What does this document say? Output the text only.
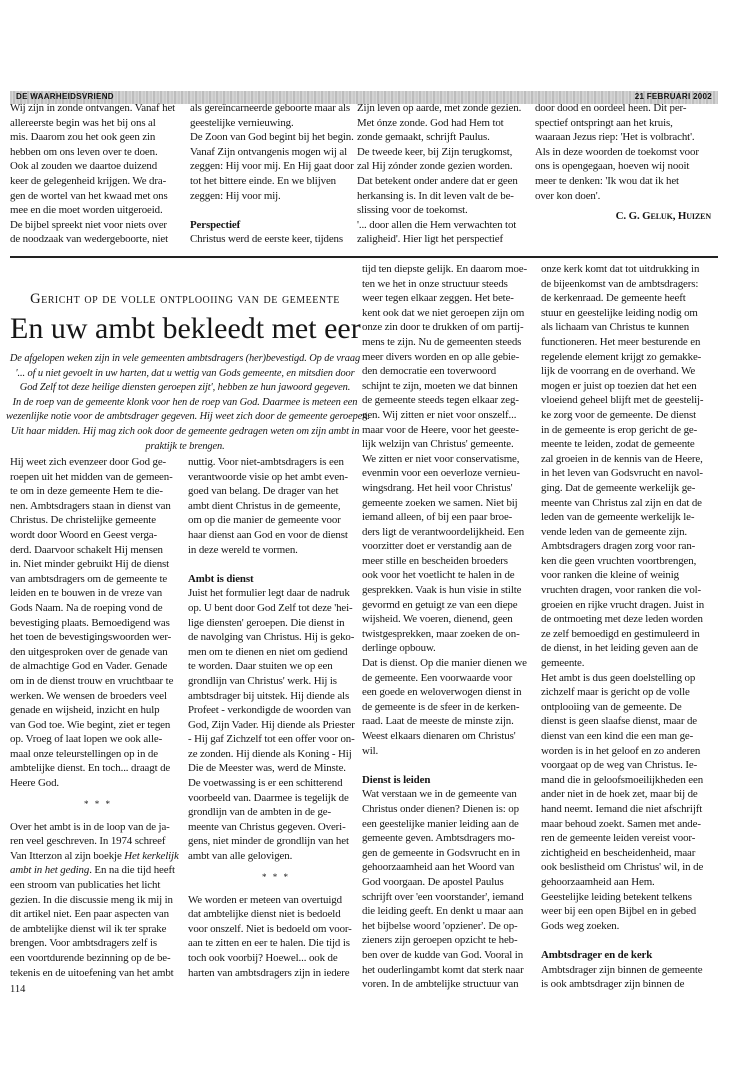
DE WAARHEIDSVRIEND	21 FEBRUARI 2002

Wij zijn in zonde ontvangen. Vanaf het
allereerste begin was het bij ons al
mis. Daarom zou het ook geen zin
hebben om ons leven over te doen.
Ook al zouden we daartoe duizend
keer de gelegenheid krijgen. We dra-
gen de wortel van het kwaad met ons
mee en die moet worden uitgeroeid.
De bijbel spreekt niet voor niets over
de noodzaak van wedergeboorte, niet

als gereïncarneerde geboorte maar als
geestelijke vernieuwing.
De Zoon van God begint bij het begin.
Vanaf Zijn ontvangenis mogen wij al
zeggen: Hij voor mij. En Hij gaat door
tot het bittere einde. En we blijven
zeggen: Hij voor mij.

Perspectief

Christus werd de eerste keer, tijdens

Zijn leven op aarde, met zonde gezien.
Met ónze zonde. God had Hem tot
zonde gemaakt, schrijft Paulus.
De tweede keer, bij Zijn terugkomst,
zal Hij zónder zonde gezien worden.
Dat betekent onder andere dat er geen
herkansing is. In dit leven valt de be-
slissing voor de toekomst.
'... door allen die Hem verwachten tot
zaligheid'. Hier ligt het perspectief

door dood en oordeel heen. Dit per-
spectief ontspringt aan het kruis,
waaraan Jezus riep: 'Het is volbracht'.
Als in deze woorden de toekomst voor
ons is opengegaan, hoeven wij nooit
meer te denken: 'Ik wou dat ik het
over kon doen'.

C. G. Geluk, Huizen
Gericht op de volle ontplooiing van de gemeente
En uw ambt bekleedt met eer
De afgelopen weken zijn in vele gemeenten ambtsdragers (her)bevestigd. Op de vraag
'... of u niet gevoelt in uw harten, dat u wettig van Gods gemeente, en mitsdien door
God Zelf tot deze heilige diensten geroepen zijt', hebben ze hun jawoord gegeven.
In de roep van de gemeente klonk voor hen de roep van God. Daarmee is meteen een
wezenlijke notie voor de ambtsdrager gegeven. Hij weet zich door de gemeente geroepen.
Uit haar midden. Hij mag zich ook door de gemeente gedragen weten om zijn ambt in
praktijk te brengen.

Hij weet zich evenzeer door God ge-
roepen uit het midden van de gemeen-
te om in deze gemeente Hem te die-
nen. Ambtsdragers staan in dienst van
Christus. De christelijke gemeente
wordt door Woord en Geest verga-
derd. Daarvoor schakelt Hij mensen
in. Niet minder gebruikt Hij de dienst
van ambtsdragers om de gemeente te
leiden en te bouwen in de vreze van
Gods Naam. Na de roeping vond de
bevestiging plaats. Bemoedigend was
het toen de bevestigingswoorden wer-
den uitgesproken over de genade van
de almachtige God en Vader. Genade
om in de dienst trouw en vruchtbaar te
werken. We wensen de broeders veel
genade en wijsheid, inzicht en hulp
van God toe. Wie begint, ziet er tegen
op. Vroeg of laat lopen we ook alle-
maal onze teleurstellingen op in de
ambtelijke dienst. En toch... draagt de
Heere God.

* * *

Over het ambt is in de loop van de ja-
ren veel geschreven. In 1974 schreef
Van Itterzon al zijn boekje Het kerkelijk
ambt in het geding. En na die tijd heeft
een stroom van publicaties het licht
gezien. In die discussie meng ik mij in
dit artikel niet. Een paar aspecten van
de ambtelijke dienst wil ik ter sprake
brengen. Voor ambtsdragers zelf is
een voortdurende bezinning op de be-
tekenis en de uitoefening van het ambt

nuttig. Voor niet-ambtsdragers is een
verantwoorde visie op het ambt even-
goed van belang. De drager van het
ambt dient Christus in de gemeente,
om op die manier de gemeente voor
haar dienst aan God en voor de dienst
in deze wereld te vormen.

Ambt is dienst

Juist het formulier legt daar de nadruk
op. U bent door God Zelf tot deze 'hei-
lige diensten' geroepen. Die dienst in
de navolging van Christus. Hij is geko-
men om te dienen en niet om gediend
te worden. Daar stuiten we op een
grondlijn van Christus' werk. Hij is
ambtsdrager bij uitstek. Hij diende als
Profeet - verkondigde de woorden van
God, Zijn Vader. Hij diende als Priester
- Hij gaf Zichzelf tot een offer voor on-
ze zonden. Hij diende als Koning - Hij
Die de Meester was, werd de Minste.
De voetwassing is er een schitterend
voorbeeld van. Daarmee is tegelijk de
grondlijn van de ambten in de ge-
meente van Christus gegeven. Overi-
gens, niet minder de grondlijn van het
ambt van alle gelovigen.

* * *

We worden er meteen van overtuigd
dat ambtelijke dienst niet is bedoeld
voor onszelf. Niet is bedoeld om voor-
aan te zitten en eer te halen. Die tijd is
toch ook voorbij? Hoewel... ook de
harten van ambtsdragers zijn in iedere

tijd ten diepste gelijk. En daarom moe-
ten we het in onze structuur steeds
weer tegen elkaar zeggen. Het bete-
kent ook dat we niet geroepen zijn om
onze zin door te drukken of om partij-
mens te zijn. Nu de gemeenten steeds
meer divers worden en op alle gebie-
den democratie een toverwoord
schijnt te zijn, moeten we dat binnen
de gemeente steeds tegen elkaar zeg-
gen. Wij zitten er niet voor onszelf...
maar voor de Heere, voor het geeste-
lijk welzijn van Christus' gemeente.
We zitten er niet voor conservatisme,
evenmin voor een oeverloze vernieu-
wingsdrang. Het heil voor Christus'
gemeente zoeken we samen. Niet bij
iemand alleen, of bij een paar broe-
ders ligt de verantwoordelijkheid. Een
voorzitter doet er verstandig aan de
meer stille en bescheiden broeders
ook voor het voetlicht te halen in de
gesprekken. Vaak is hun visie in stilte
gevormd en getuigt ze van een diepe
wijsheid. We voeren, dienend, geen
twistgesprekken, maar zoeken de on-
derlinge opbouw.
Dat is dienst. Op die manier dienen we
de gemeente. Een voorwaarde voor
een goede en weloverwogen dienst in
de gemeente is de sfeer in de kerken-
raad. Laat de meeste de minste zijn.
Weest elkaars dienaren om Christus'
wil.

Dienst is leiden

Wat verstaan we in de gemeente van
Christus onder dienen? Dienen is: op
een geestelijke manier leiding aan de
gemeente geven. Ambtsdragers mo-
gen de gemeente in Godsvrucht en in
gehoorzaamheid aan het Woord van
God voorgaan. De apostel Paulus
schrijft over 'een voorstander', iemand
die leiding geeft. En denkt u maar aan
het bijbelse woord 'opziener'. De op-
zieners zijn geroepen opzicht te heb-
ben over de kudde van God. Vooral in
het ouderlingambt komt dat sterk naar
voren. In de ambtelijke structuur van

onze kerk komt dat tot uitdrukking in
de bijeenkomst van de ambtsdragers:
de kerkenraad. De gemeente heeft
stuur en geestelijke leiding nodig om
als lichaam van Christus te kunnen
functioneren. Het meer besturende en
regelende element krijgt zo gemakke-
lijk de voorrang en de overhand. We
mogen er juist op toezien dat het een
vloeiend geheel blijft met de geestelij-
ke zorg voor de gemeente. De dienst
in de gemeente is erop gericht de ge-
meente te leiden, zodat de gemeente
zal groeien in de kennis van de Heere,
in het leven van Godsvrucht en navol-
ging. Dat de gemeente werkelijk ge-
meente van Christus zal zijn en dat de
leden van de gemeente werkelijk le-
vende leden van de gemeente zijn.
Ambtsdragers dragen zorg voor ran-
ken die geen vruchten voortbrengen,
voor ranken die kleine of weinig
vruchten dragen, voor ranken die vol-
groeien en rijke vrucht dragen. Juist in
de ontmoeting met deze leden worden
ze zelf bemoedigd en gestimuleerd in
de dienst, in het leiding geven aan de
gemeente.
Het ambt is dus geen doelstelling op
zichzelf maar is gericht op de volle
ontplooiing van de gemeente. De
dienst is geen slaafse dienst, maar de
dienst van een kind die een man ge-
worden is in het geloof en zo anderen
voorgaat op de weg van Christus. Ie-
mand die in geloofsmoeilijkheden een
ander niet in de hoek zet, maar bij de
hand neemt. Iemand die niet afschrijft
maar behoud zoekt. Samen met ande-
ren de gemeente leiden vereist voor-
zichtigheid en bescheidenheid, maar
ook beslistheid om Christus' wil, in de
gehoorzaamheid aan Hem.
Geestelijke leiding betekent telkens
weer bij een open Bijbel en in gebed
Gods weg zoeken.

Ambtsdrager en de kerk

Ambtsdrager zijn binnen de gemeente
is ook ambtsdrager zijn binnen de

114
